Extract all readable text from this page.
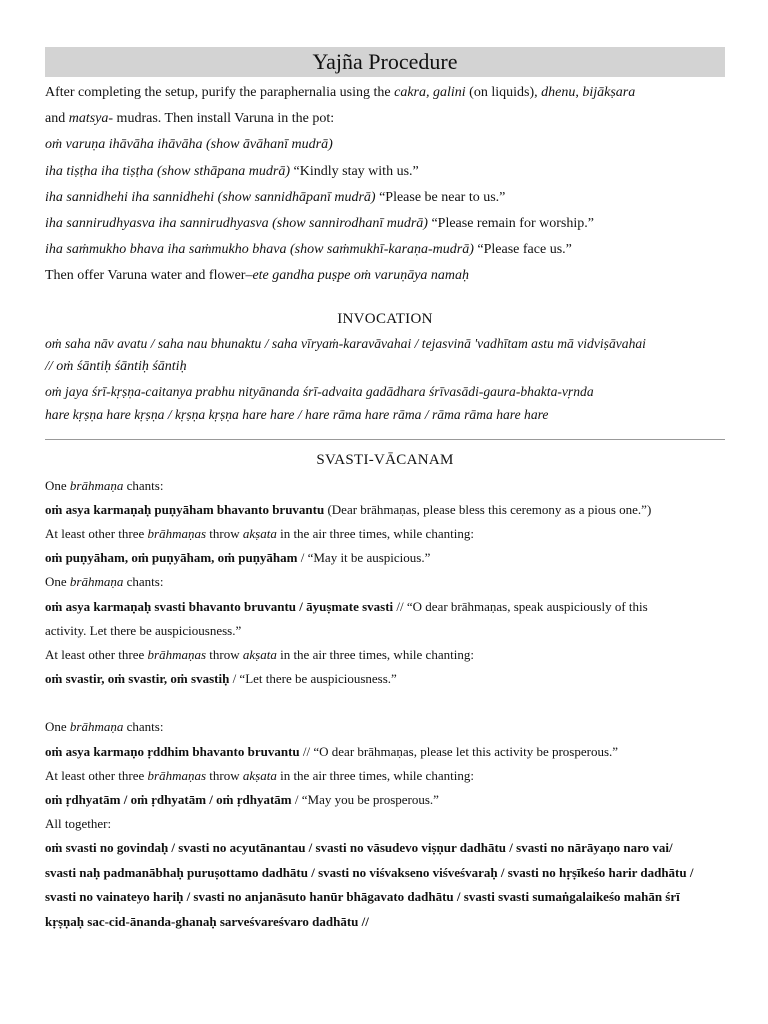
Yajña Procedure

After completing the setup, purify the paraphernalia using the cakra, galini (on liquids), dhenu, bijākṣara

and matsya- mudras. Then install Varuna in the pot:

oṁ varuṇa ihāvāha ihāvāha (show āvāhanī mudrā)

iha tiṣṭha iha tiṣṭha (show sthāpana mudrā) “Kindly stay with us.”

iha sannidhehi iha sannidhehi (show sannidhāpanī mudrā) “Please be near to us.”

iha sannirudhyasva iha sannirudhyasva (show sannirodhanī mudrā) “Please remain for worship.”

iha saṁmukho bhava iha saṁmukho bhava (show saṁmukhī-karaṇa-mudrā) “Please face us.”

Then offer Varuna water and flower–ete gandha puṣpe oṁ varuṇāya namaḥ

INVOCATION

oṁ saha nāv avatu / saha nau bhunaktu / saha vīryaṁ-karavāvahai / tejasvinā 'vadhītam astu mā vidviṣāvahai

// oṁ śāntiḥ śāntiḥ śāntiḥ

oṁ jaya śrī-kṛṣṇa-caitanya prabhu nityānanda śrī-advaita gadādhara śrīvasādi-gaura-bhakta-vṛnda

hare kṛṣṇa hare kṛṣṇa / kṛṣṇa kṛṣṇa hare hare / hare rāma hare rāma / rāma rāma hare hare

SVASTI-VĀCANAM

One brāhmaṇa chants:

oṁ asya karmaṇaḥ puṇyāham bhavanto bruvantu (Dear brāhmaṇas, please bless this ceremony as a pious one.”)

At least other three brāhmaṇas throw akṣata in the air three times, while chanting:

oṁ puṇyāham, oṁ puṇyāham, oṁ puṇyāham / “May it be auspicious.”

One brāhmaṇa chants:

oṁ asya karmaṇaḥ svasti bhavanto bruvantu / āyuṣmate svasti // “O dear brāhmaṇas, speak auspiciously of this

activity. Let there be auspiciousness.”

At least other three brāhmaṇas throw akṣata in the air three times, while chanting:

oṁ svastir, oṁ svastir, oṁ svastiḥ / “Let there be auspiciousness.”

One brāhmaṇa chants:

oṁ asya karmaṇo ṛddhim bhavanto bruvantu // “O dear brāhmaṇas, please let this activity be prosperous.”

At least other three brāhmaṇas throw akṣata in the air three times, while chanting:

oṁ ṛdhyatām / oṁ ṛdhyatām / oṁ ṛdhyatām / “May you be prosperous.”

All together:

oṁ svasti no govindaḥ / svasti no acyutānantau / svasti no vāsudevo viṣṇur dadhātu / svasti no nārāyaṇo naro vai/

svasti naḥ padmanābhaḥ puruṣottamo dadhātu / svasti no viśvakseno viśveśvaraḥ / svasti no hṛṣīkeśo harir dadhātu /

svasti no vainateyo hariḥ / svasti no anjanāsuto hanūr bhāgavato dadhātu / svasti svasti sumaṅgalaikeśo mahān śrī

kṛṣṇaḥ sac-cid-ānanda-ghanaḥ sarveśvareśvaro dadhātu //
